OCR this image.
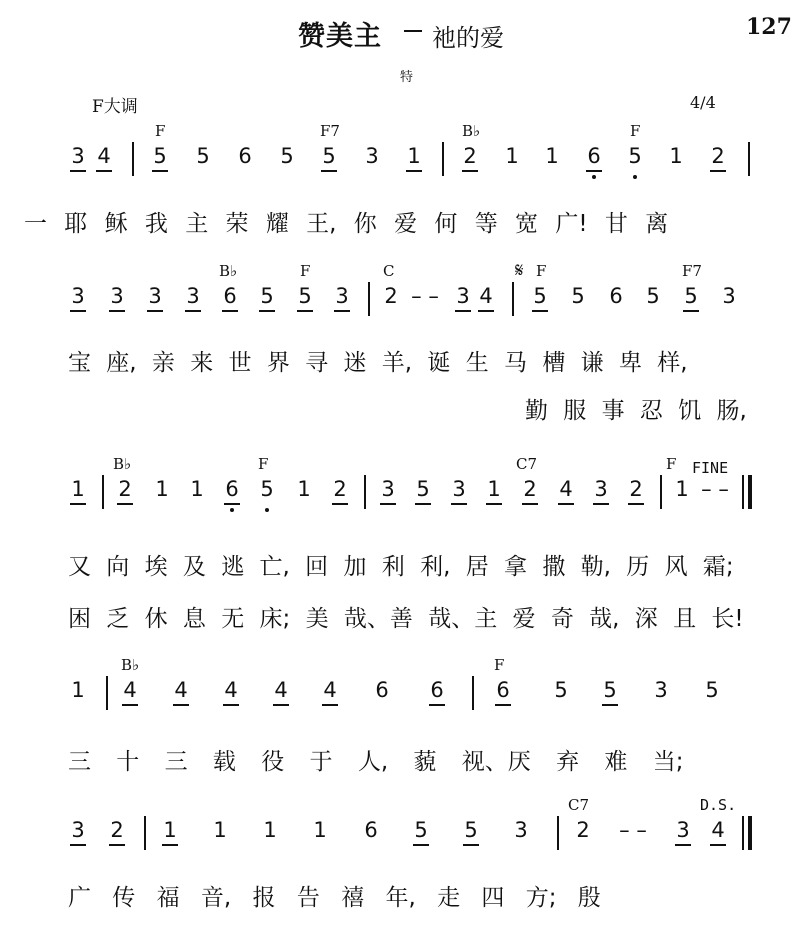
赞美主 祂的爱	127
特
F大调	4/4
F	F7	B♭	F
3 4 5 5 6 5 5 3 1 2 1 1 6 5 1 2
一 耶 稣 我 主 荣 耀 王, 你 爱 何 等 宽 广! 甘 离
B♭	F	C	𝄋 F	F7
3 3 3 3 6 5 5 3 2 – – 3 4 5 5 6 5 5 3
宝 座, 亲 来 世 界 寻 迷 羊, 诞 生 马 槽 谦 卑 样,
勤 服 事 忍 饥 肠,
B♭	F	C7	F FINE
1 2 1 1 6 5 1 2 3 5 3 1 2 4 3 2 1 – –
又 向 埃 及 逃 亡, 回 加 利 利, 居 拿 撒 勒, 历 风 霜;
困 乏 休 息 无 床; 美 哉、善 哉、主 爱 奇 哉, 深 且 长!
B♭	F
1 4 4 4 4 4 6 6	6 5 5 3 5
三 十 三 载 役 于 人, 藐 视、厌 弃 难 当;
C7	D.S.
3 2 1 1 1 1 6 5 5 3 2	– –	3 4
广 传 福 音, 报 告 禧 年, 走 四 方; 殷
